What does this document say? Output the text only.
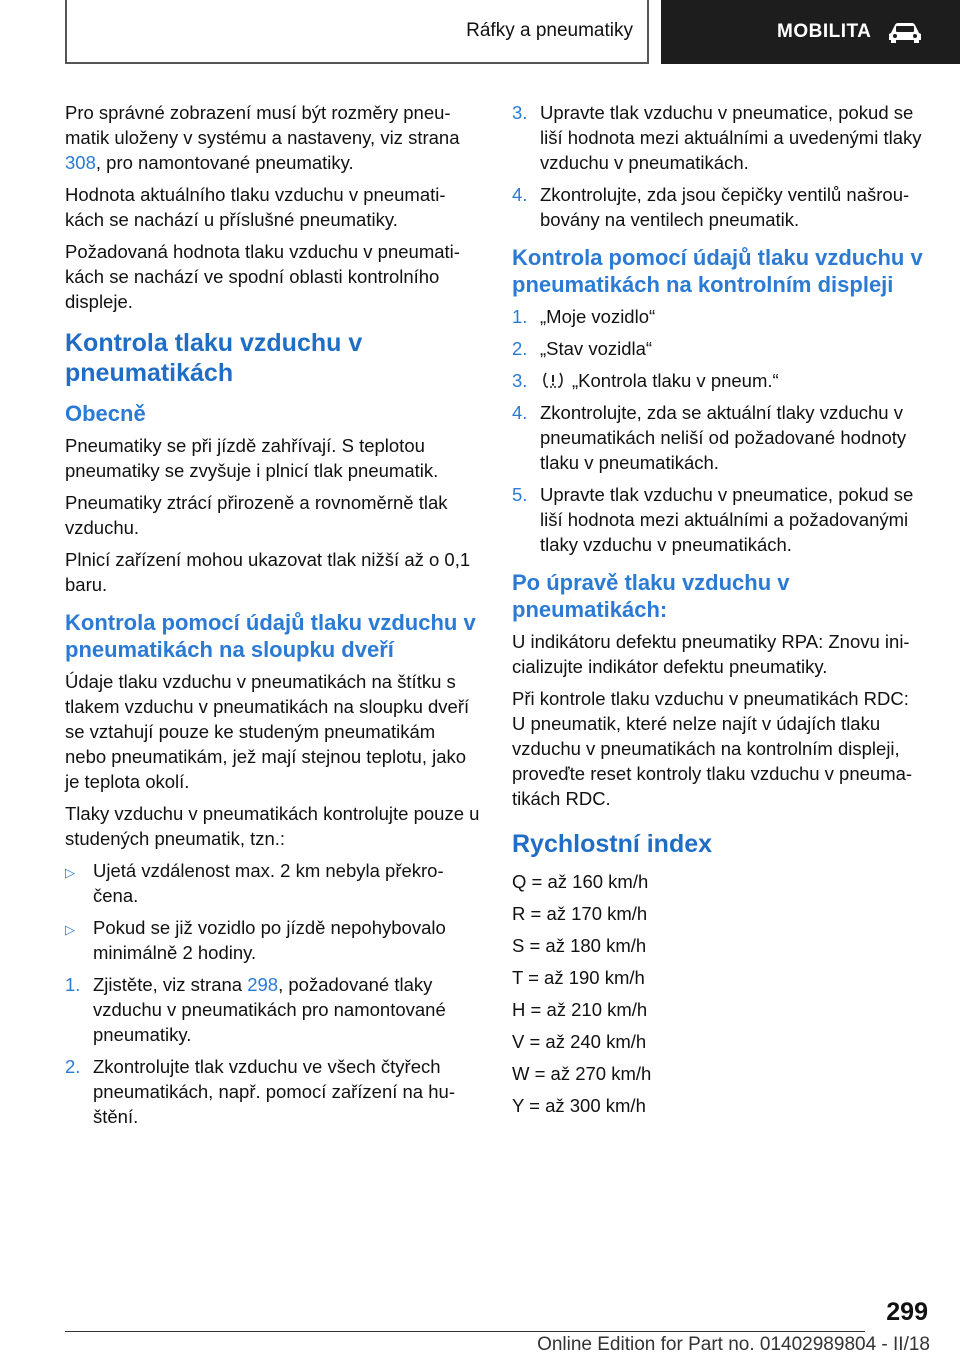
Ráfky a pneumatiky	MOBILITA

Pro správné zobrazení musí být rozměry pneu-matik uloženy v systému a nastaveny, viz strana 308, pro namontované pneumatiky.

Hodnota aktuálního tlaku vzduchu v pneumati-kách se nachází u příslušné pneumatiky.

Požadovaná hodnota tlaku vzduchu v pneumati-kách se nachází ve spodní oblasti kontrolního displeje.

Kontrola tlaku vzduchu v pneumatikách
Obecně

Pneumatiky se při jízdě zahřívají. S teplotou pneumatiky se zvyšuje i plnicí tlak pneumatik.

Pneumatiky ztrácí přirozeně a rovnoměrně tlak vzduchu.

Plnicí zařízení mohou ukazovat tlak nižší až o 0,1 baru.

Kontrola pomocí údajů tlaku vzduchu v pneumatikách na sloupku dveří

Údaje tlaku vzduchu v pneumatikách na štítku s tlakem vzduchu v pneumatikách na sloupku dveří se vztahují pouze ke studeným pneumatikám nebo pneumatikám, jež mají stejnou teplotu, jako je teplota okolí.

Tlaky vzduchu v pneumatikách kontrolujte pouze u studených pneumatik, tzn.:

▷ Ujetá vzdálenost max. 2 km nebyla překro-čena.
▷ Pokud se již vozidlo po jízdě nepohybovalo minimálně 2 hodiny.
1. Zjistěte, viz strana 298, požadované tlaky vzduchu v pneumatikách pro namontované pneumatiky.
2. Zkontrolujte tlak vzduchu ve všech čtyřech pneumatikách, např. pomocí zařízení na hu-štění.
3. Upravte tlak vzduchu v pneumatice, pokud se liší hodnota mezi aktuálními a uvedenými tlaky vzduchu v pneumatikách.
4. Zkontrolujte, zda jsou čepičky ventilů našrou-bovány na ventilech pneumatik.
Kontrola pomocí údajů tlaku vzduchu v pneumatikách na kontrolním displeji
1. „Moje vozidlo“
2. „Stav vozidla“
3.	„Kontrola tlaku v pneum.“
4. Zkontrolujte, zda se aktuální tlaky vzduchu v pneumatikách neliší od požadované hodnoty tlaku v pneumatikách.
5. Upravte tlak vzduchu v pneumatice, pokud se liší hodnota mezi aktuálními a požadovanými tlaky vzduchu v pneumatikách.
Po úpravě tlaku vzduchu v pneumatikách:

U indikátoru defektu pneumatiky RPA: Znovu ini-cializujte indikátor defektu pneumatiky.

Při kontrole tlaku vzduchu v pneumatikách RDC: U pneumatik, které nelze najít v údajích tlaku vzduchu v pneumatikách na kontrolním displeji, proveďte reset kontroly tlaku vzduchu v pneuma-tikách RDC.

Rychlostní index

Q = až 160 km/h

R = až 170 km/h

S = až 180 km/h

T = až 190 km/h

H = až 210 km/h

V = až 240 km/h

W = až 270 km/h

Y = až 300 km/h

299
Online Edition for Part no. 01402989804 - II/18
